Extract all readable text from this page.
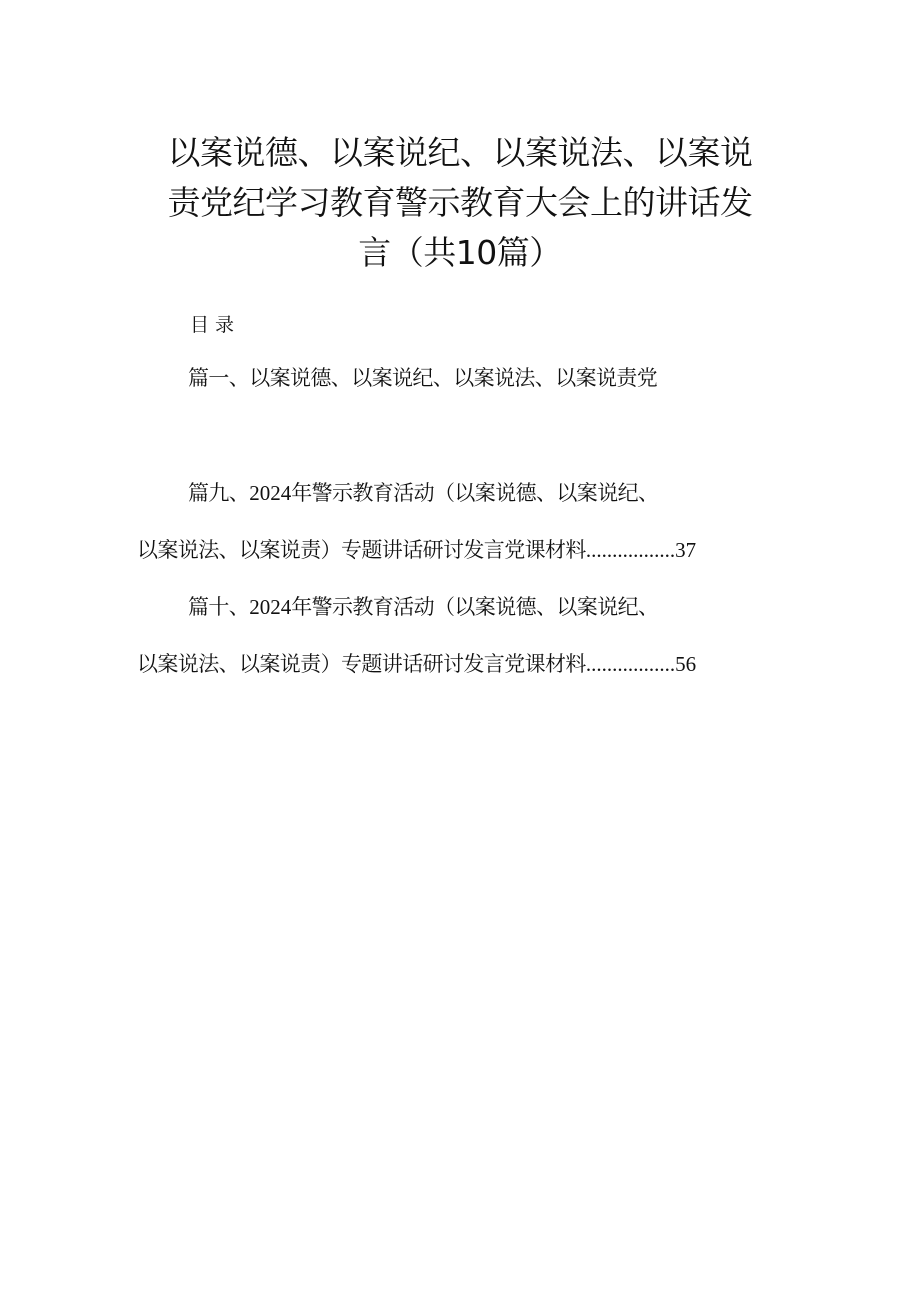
以案说德、以案说纪、以案说法、以案说
责党纪学习教育警示教育大会上的讲话发
言（共10篇）
目录
篇一、以案说德、以案说纪、以案说法、以案说责党
篇九、2024年警示教育活动（以案说德、以案说纪、
以案说法、以案说责）专题讲话研讨发言党课材料.................37
篇十、2024年警示教育活动（以案说德、以案说纪、
以案说法、以案说责）专题讲话研讨发言党课材料.................56
